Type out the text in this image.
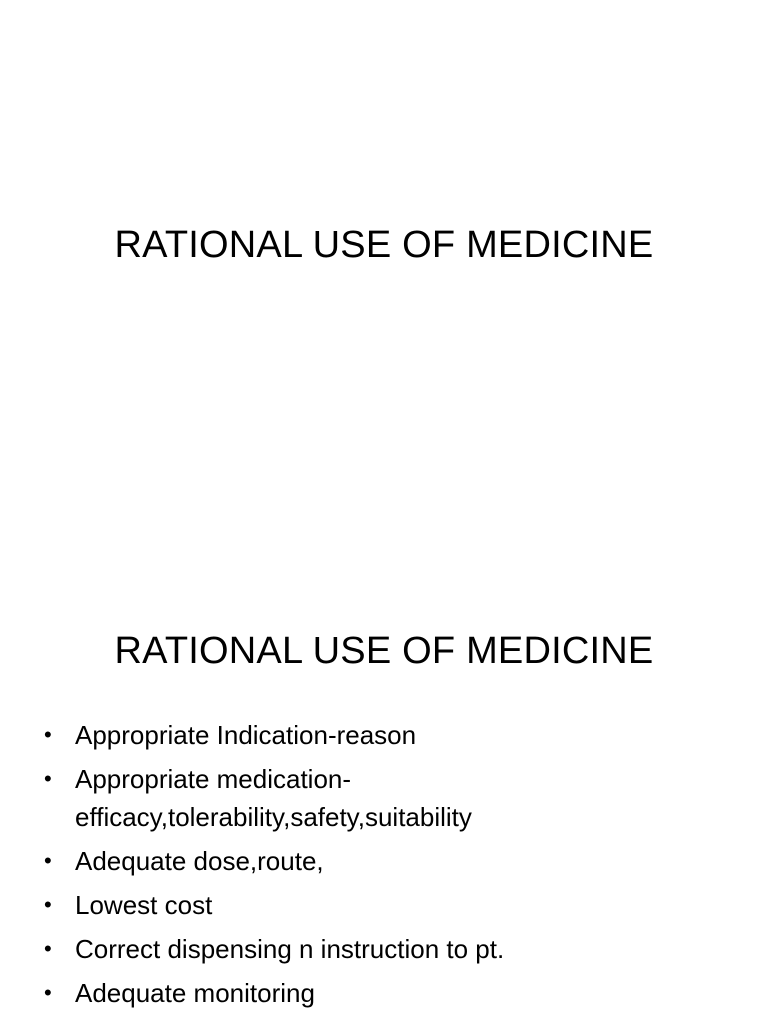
RATIONAL USE OF MEDICINE
RATIONAL USE OF MEDICINE
• Appropriate Indication-reason
• Appropriate medication-efficacy,tolerability,safety,suitability
• Adequate dose,route,
• Lowest cost
• Correct dispensing n instruction to pt.
• Adequate monitoring
